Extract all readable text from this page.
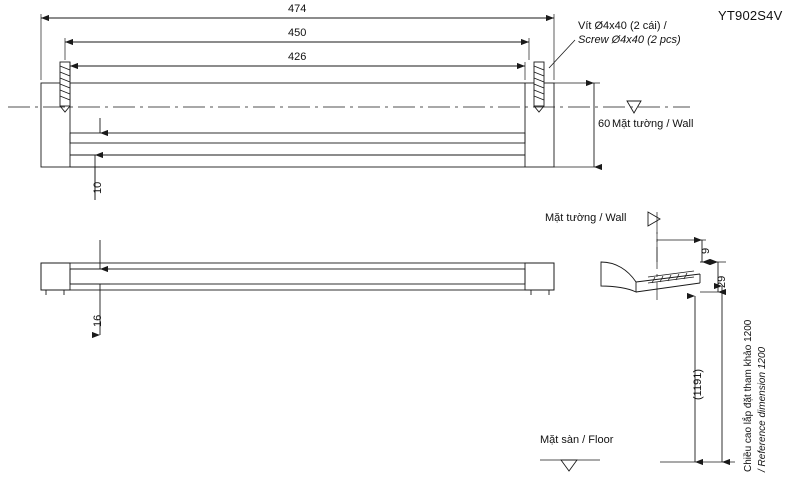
YT902S4V
474
450
426
Vít Ø4x40 (2 cái) /
Screw Ø4x40 (2 pcs)
60 Mặt tường / Wall
10
16
Mặt tường / Wall
9
29
(1191)	Chiều cao lắp đặt tham khảo 1200 / Reference dimension 1200
Mặt sàn / Floor
